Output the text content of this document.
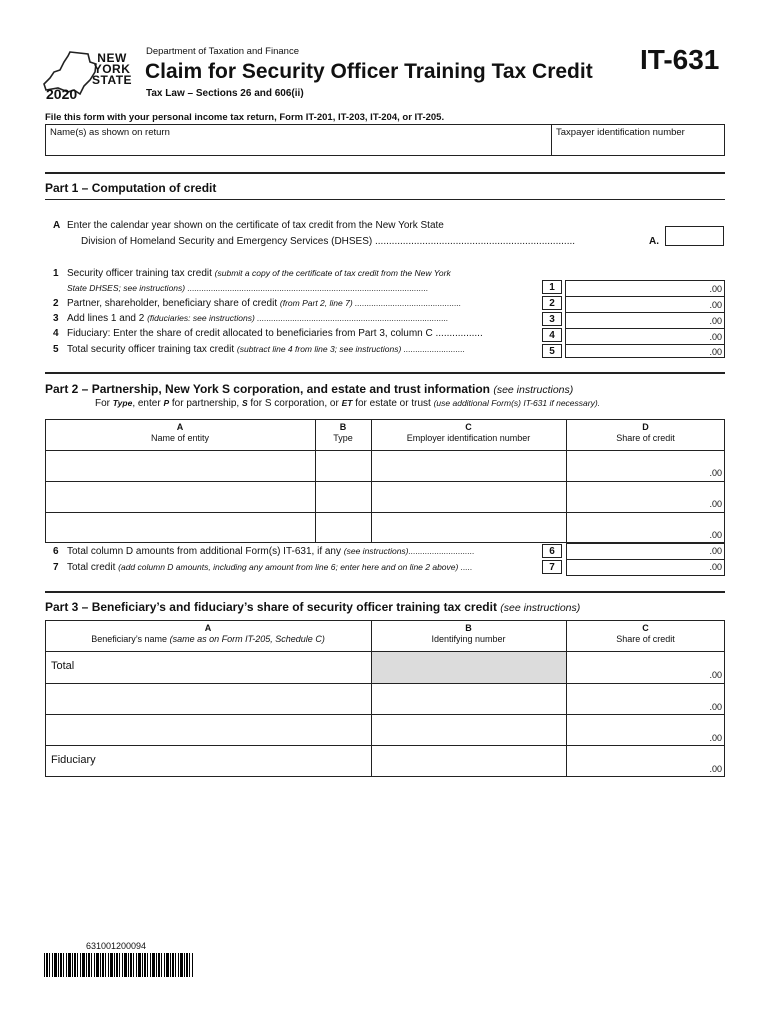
NEW
YORK
STATE
2020
Department of Taxation and Finance
Claim for Security Officer Training Tax Credit
Tax Law – Sections 26 and 606(ii)
IT-631
File this form with your personal income tax return, Form IT-201, IT-203, IT-204, or IT-205.
Name(s) as shown on return	Taxpayer identification number
Part 1 – Computation of credit
A Enter the calendar year shown on the certificate of tax credit from the New York State
Division of Homeland Security and Emergency Services (DHSES) ........................................................................	A.
1 Security officer training tax credit (submit a copy of the certificate of tax credit from the New York
State DHSES; see instructions) ......................................................................................................
2 Partner, shareholder, beneficiary share of credit (from Part 2, line 7) .............................................
3 Add lines 1 and 2 (fiduciaries: see instructions) .................................................................................
4 Fiduciary: Enter the share of credit allocated to beneficiaries from Part 3, column C .................
5 Total security officer training tax credit (subtract line 4 from line 3; see instructions) ..........................
1
2
3
4
5
.00
.00
.00
.00
.00
Part 2 – Partnership, New York S corporation, and estate and trust information (see instructions)
For Type, enter P for partnership, S for S corporation, or ET for estate or trust (use additional Form(s) IT-631 if necessary).
A
Name of entity
B
Type
C
Employer identification number
D
Share of credit
.00
.00
.00
6 Total column D amounts from additional Form(s) IT-631, if any (see instructions)............................
7 Total credit (add column D amounts, including any amount from line 6; enter here and on line 2 above) .....
6
7
.00
.00
Part 3 – Beneficiary’s and fiduciary’s share of security officer training tax credit (see instructions)
A
Beneficiary’s name (same as on Form IT-205, Schedule C)
B
Identifying number
C
Share of credit
Total
Fiduciary
.00
.00
.00
.00
631001200094
